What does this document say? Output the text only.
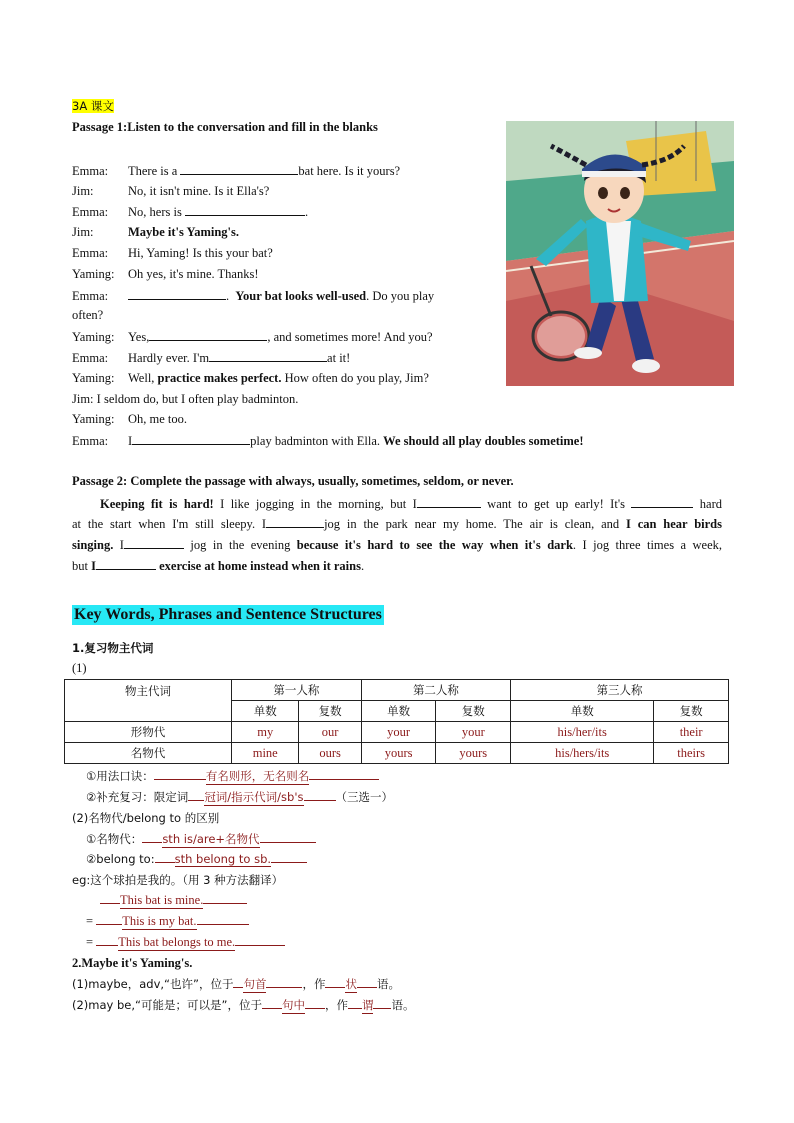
3A 课文
Passage 1:Listen to the conversation and fill in the blanks
Emma: There is a	bat here. Is it yours?
Jim:	No, it isn't mine. Is it Ella's?
Emma: No, hers is	.
Jim:	Maybe it's Yaming's.
Emma: Hi, Yaming! Is this your bat?
Yaming: Oh yes, it's mine. Thanks!
Emma:	.  Your bat looks well-used. Do you play
often?
Yaming: Yes,	, and sometimes more! And you?
Emma: Hardly ever. I'm	at it!
Yaming: Well, practice makes perfect. How often do you play, Jim?
Jim: I seldom do, but I often play badminton.
Yaming: Oh, me too.
Emma: I	play badminton with Ella. We should all play doubles sometime!
Passage 2: Complete the passage with always, usually, sometimes, seldom, or never.
Keeping fit is hard! I like jogging in the morning, but I	want to get up early! It's	hard
at the start when I'm still sleepy. I	jog in the park near my home. The air is clean, and I can hear birds
singing. I	jog in the evening because it's hard to see the way when it's dark. I jog three times a week,
but I	exercise at home instead when it rains.
Key Words, Phrases and Sentence Structures
1.复习物主代词
(1)
物主代词	第一人称		第二人称		第三人称	
	单数	复数	单数	复数	单数	复数
形物代	my	our	your	your	his/her/its	their
名物代	mine	ours	yours	yours	his/hers/its	theirs
①用法口诀：	有名则形，无名则名
②补充复习：限定词 冠词/指示代词/sb's	（三选一）
(2)名物代/belong to 的区别
①名物代： sth is/are+名物代
②belong to: sth belong to sb.
eg:这个球拍是我的。（用 3 种方法翻译）
This bat is mine.
= This is my bat.
= This bat belongs to me.
2.Maybe it's Yaming's.
(1)maybe，adv,“也许”，位于 句首	，作 状 语。
(2)may be,“可能是；可以是”，位于 句中 ，作 谓 语。
